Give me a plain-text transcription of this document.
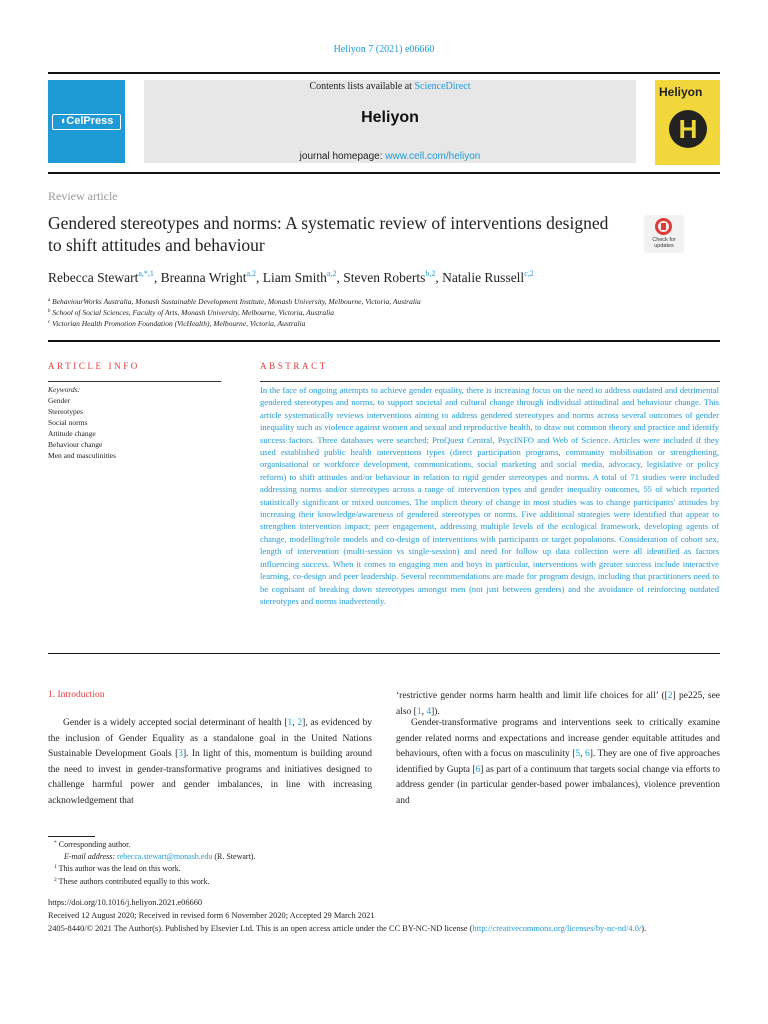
Heliyon 7 (2021) e06660
◖CelPress
Contents lists available at ScienceDirect
Heliyon
journal homepage: www.cell.com/heliyon
Heliyon
H
Review article
Gendered stereotypes and norms: A systematic review of interventions designed to shift attitudes and behaviour	Check for updates
Rebecca Stewart$^{a,*,1}$, Breanna Wright$^{a,2}$, Liam Smith$^{a,2}$, Steven Roberts$^{b,2}$, Natalie Russell$^{c,2}$
$^a$ BehaviourWorks Australia, Monash Sustainable Development Institute, Monash University, Melbourne, Victoria, Australia
$^b$ School of Social Sciences, Faculty of Arts, Monash University, Melbourne, Victoria, Australia
$^c$ Victorian Health Promotion Foundation (VicHealth), Melbourne, Victoria, Australia
ARTICLE INFO
Keywords:
Gender
Stereotypes
Social norms
Attitude change
Behaviour change
Men and masculinities
ABSTRACT
In the face of ongoing attempts to achieve gender equality, there is increasing focus on the need to address outdated and detrimental gendered stereotypes and norms, to support societal and cultural change through individual attitudinal and behaviour change. This article systematically reviews interventions aiming to address gendered stereotypes and norms across several outcomes of gender inequality such as violence against women and sexual and reproductive health, to draw out common theory and practice and identify success factors. Three databases were searched; ProQuest Central, PsycINFO and Web of Science. Articles were included if they used established public health interventions types (direct participation programs, community mobilisation or strengthening, organisational or workforce development, communications, social marketing and social media, advocacy, legislative or policy reform) to shift attitudes and/or behaviour in relation to rigid gender stereotypes and norms. A total of 71 studies were included addressing norms and/or stereotypes across a range of intervention types and gender inequality outcomes, 55 of which reported statistically significant or mixed outcomes. The implicit theory of change in most studies was to change participants' attitudes by increasing their knowledge/awareness of gendered stereotypes or norms. Five additional strategies were identified that appear to strengthen intervention impact; peer engagement, addressing multiple levels of the ecological framework, developing agents of change, modelling/role models and co-design of interventions with participants or target populations. Consideration of cohort sex, length of intervention (multi-session vs single-session) and need for follow up data collection were all identified as factors influencing success. When it comes to engaging men and boys in particular, interventions with greater success include interactive learning, co-design and peer leadership. Several recommendations are made for program design, including that practitioners need to be cognisant of breaking down stereotypes amongst men (not just between genders) and the avoidance of reinforcing outdated stereotypes and norms inadvertently.
1. Introduction
Gender is a widely accepted social determinant of health [1, 2], as evidenced by the inclusion of Gender Equality as a standalone goal in the United Nations Sustainable Development Goals [3]. In light of this, momentum is building around the need to invest in gender-transformative programs and initiatives designed to challenge harmful power and gender imbalances, in line with increasing acknowledgement that
‘restrictive gender norms harm health and limit life choices for all’ ([2] pe225, see also [1, 4]).
Gender-transformative programs and interventions seek to critically examine gender related norms and expectations and increase gender equitable attitudes and behaviours, often with a focus on masculinity [5, 6]. They are one of five approaches identified by Gupta [6] as part of a continuum that targets social change via efforts to address gender (in particular gender-based power imbalances), violence prevention and
* Corresponding author.
E-mail address: rebecca.stewart@monash.edu (R. Stewart).
$^1$ This author was the lead on this work.
$^2$ These authors contributed equally to this work.
https://doi.org/10.1016/j.heliyon.2021.e06660
Received 12 August 2020; Received in revised form 6 November 2020; Accepted 29 March 2021
2405-8440/© 2021 The Author(s). Published by Elsevier Ltd. This is an open access article under the CC BY-NC-ND license (http://creativecommons.org/licenses/by-nc-nd/4.0/).
